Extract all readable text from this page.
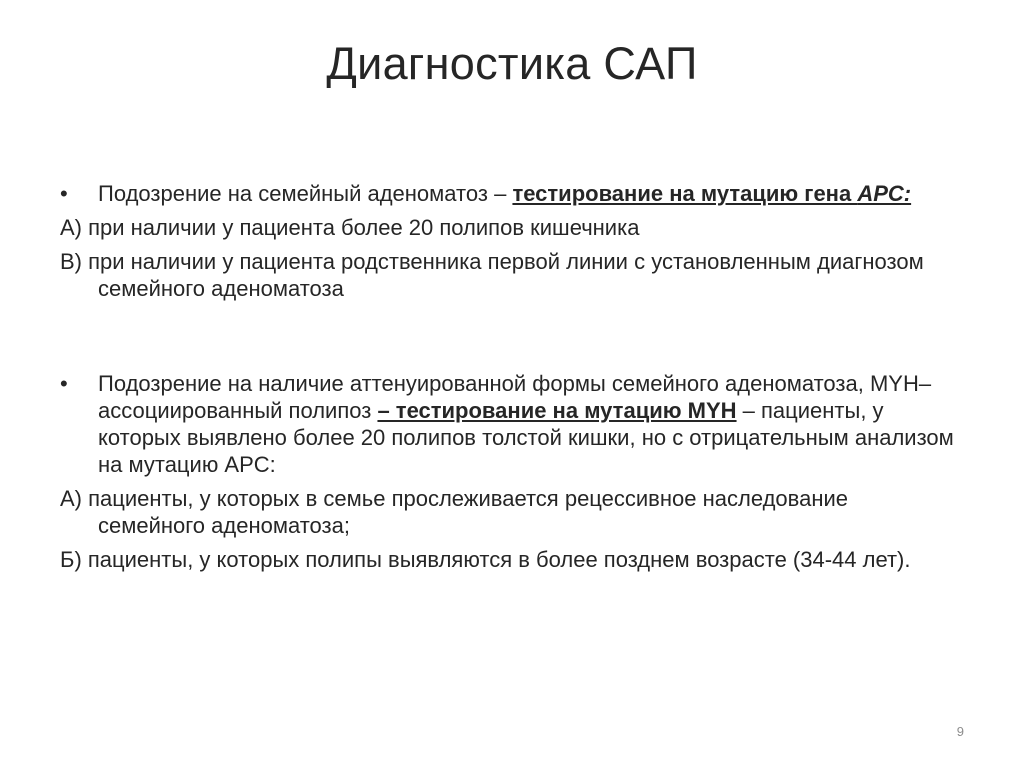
Диагностика САП
•	Подозрение на семейный аденоматоз – тестирование на мутацию гена APC:
А) при наличии у пациента более 20 полипов кишечника
В) при наличии у пациента родственника первой линии с установленным диагнозом семейного аденоматоза
•	Подозрение на наличие аттенуированной формы семейного аденоматоза, MYH–ассоциированный полипоз – тестирование на мутацию MYH – пациенты, у которых выявлено более 20 полипов толстой кишки, но с отрицательным анализом на мутацию APC:
А) пациенты, у которых в семье прослеживается рецессивное наследование семейного аденоматоза;
Б) пациенты, у которых полипы выявляются в более позднем возрасте (34-44 лет).
9
